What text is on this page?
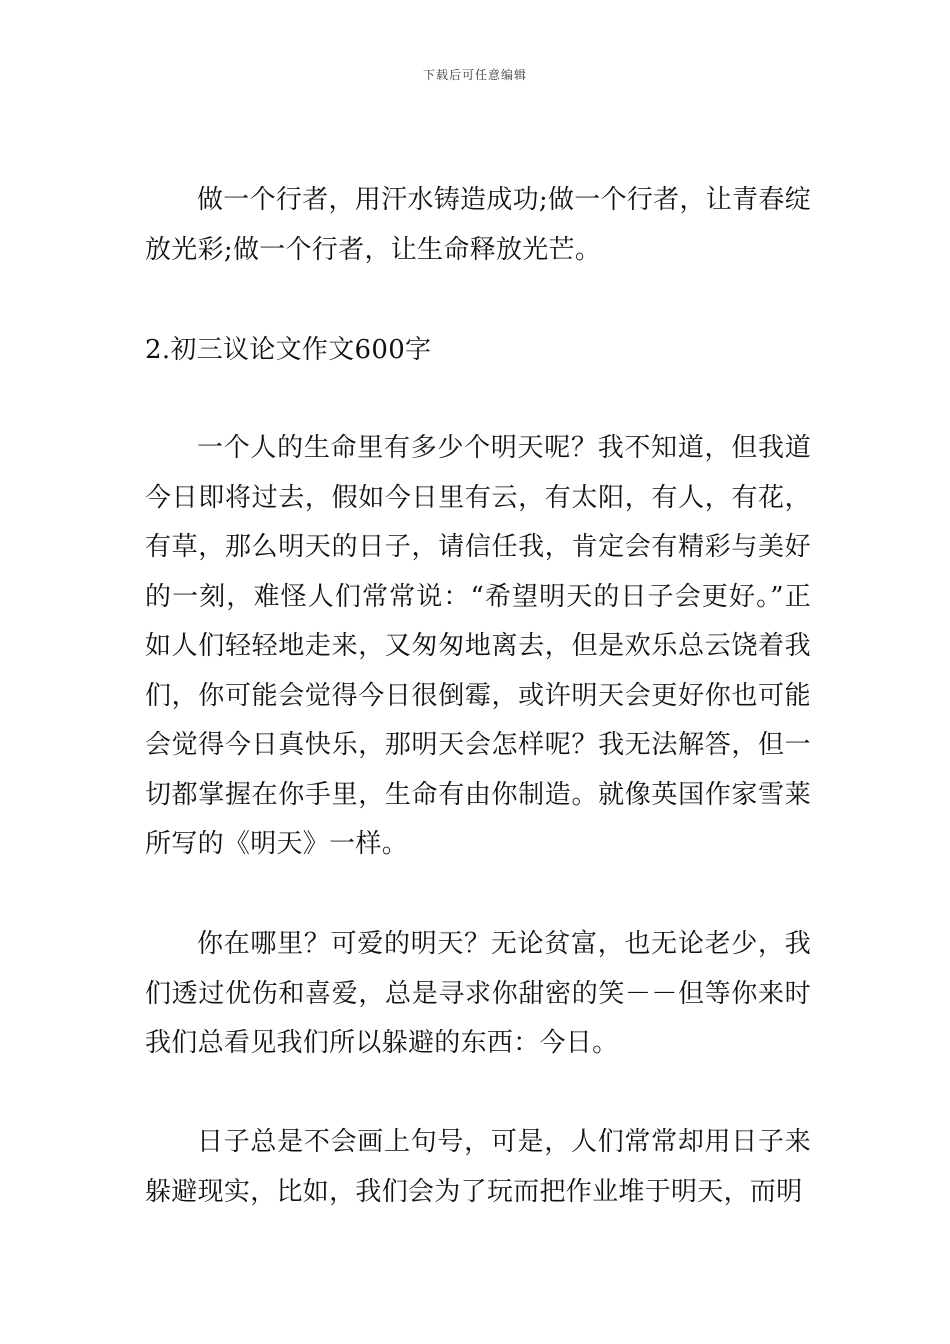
下载后可任意编辑

做一个行者，用汗水铸造成功;做一个行者，让青春绽放光彩;做一个行者，让生命释放光芒。

2.初三议论文作文600字

一个人的生命里有多少个明天呢？我不知道，但我道今日即将过去，假如今日里有云，有太阳，有人，有花，有草，那么明天的日子，请信任我，肯定会有精彩与美好的一刻，难怪人们常常说：“希望明天的日子会更好。”正如人们轻轻地走来，又匆匆地离去，但是欢乐总云饶着我们，你可能会觉得今日很倒霉，或许明天会更好你也可能会觉得今日真快乐，那明天会怎样呢？我无法解答，但一切都掌握在你手里，生命有由你制造。就像英国作家雪莱所写的《明天》一样。

你在哪里？可爱的明天？无论贫富，也无论老少，我们透过优伤和喜爱，总是寻求你甜密的笑－－但等你来时我们总看见我们所以躲避的东西：今日。

日子总是不会画上句号，可是，人们常常却用日子来躲避现实，比如，我们会为了玩而把作业堆于明天，而明
